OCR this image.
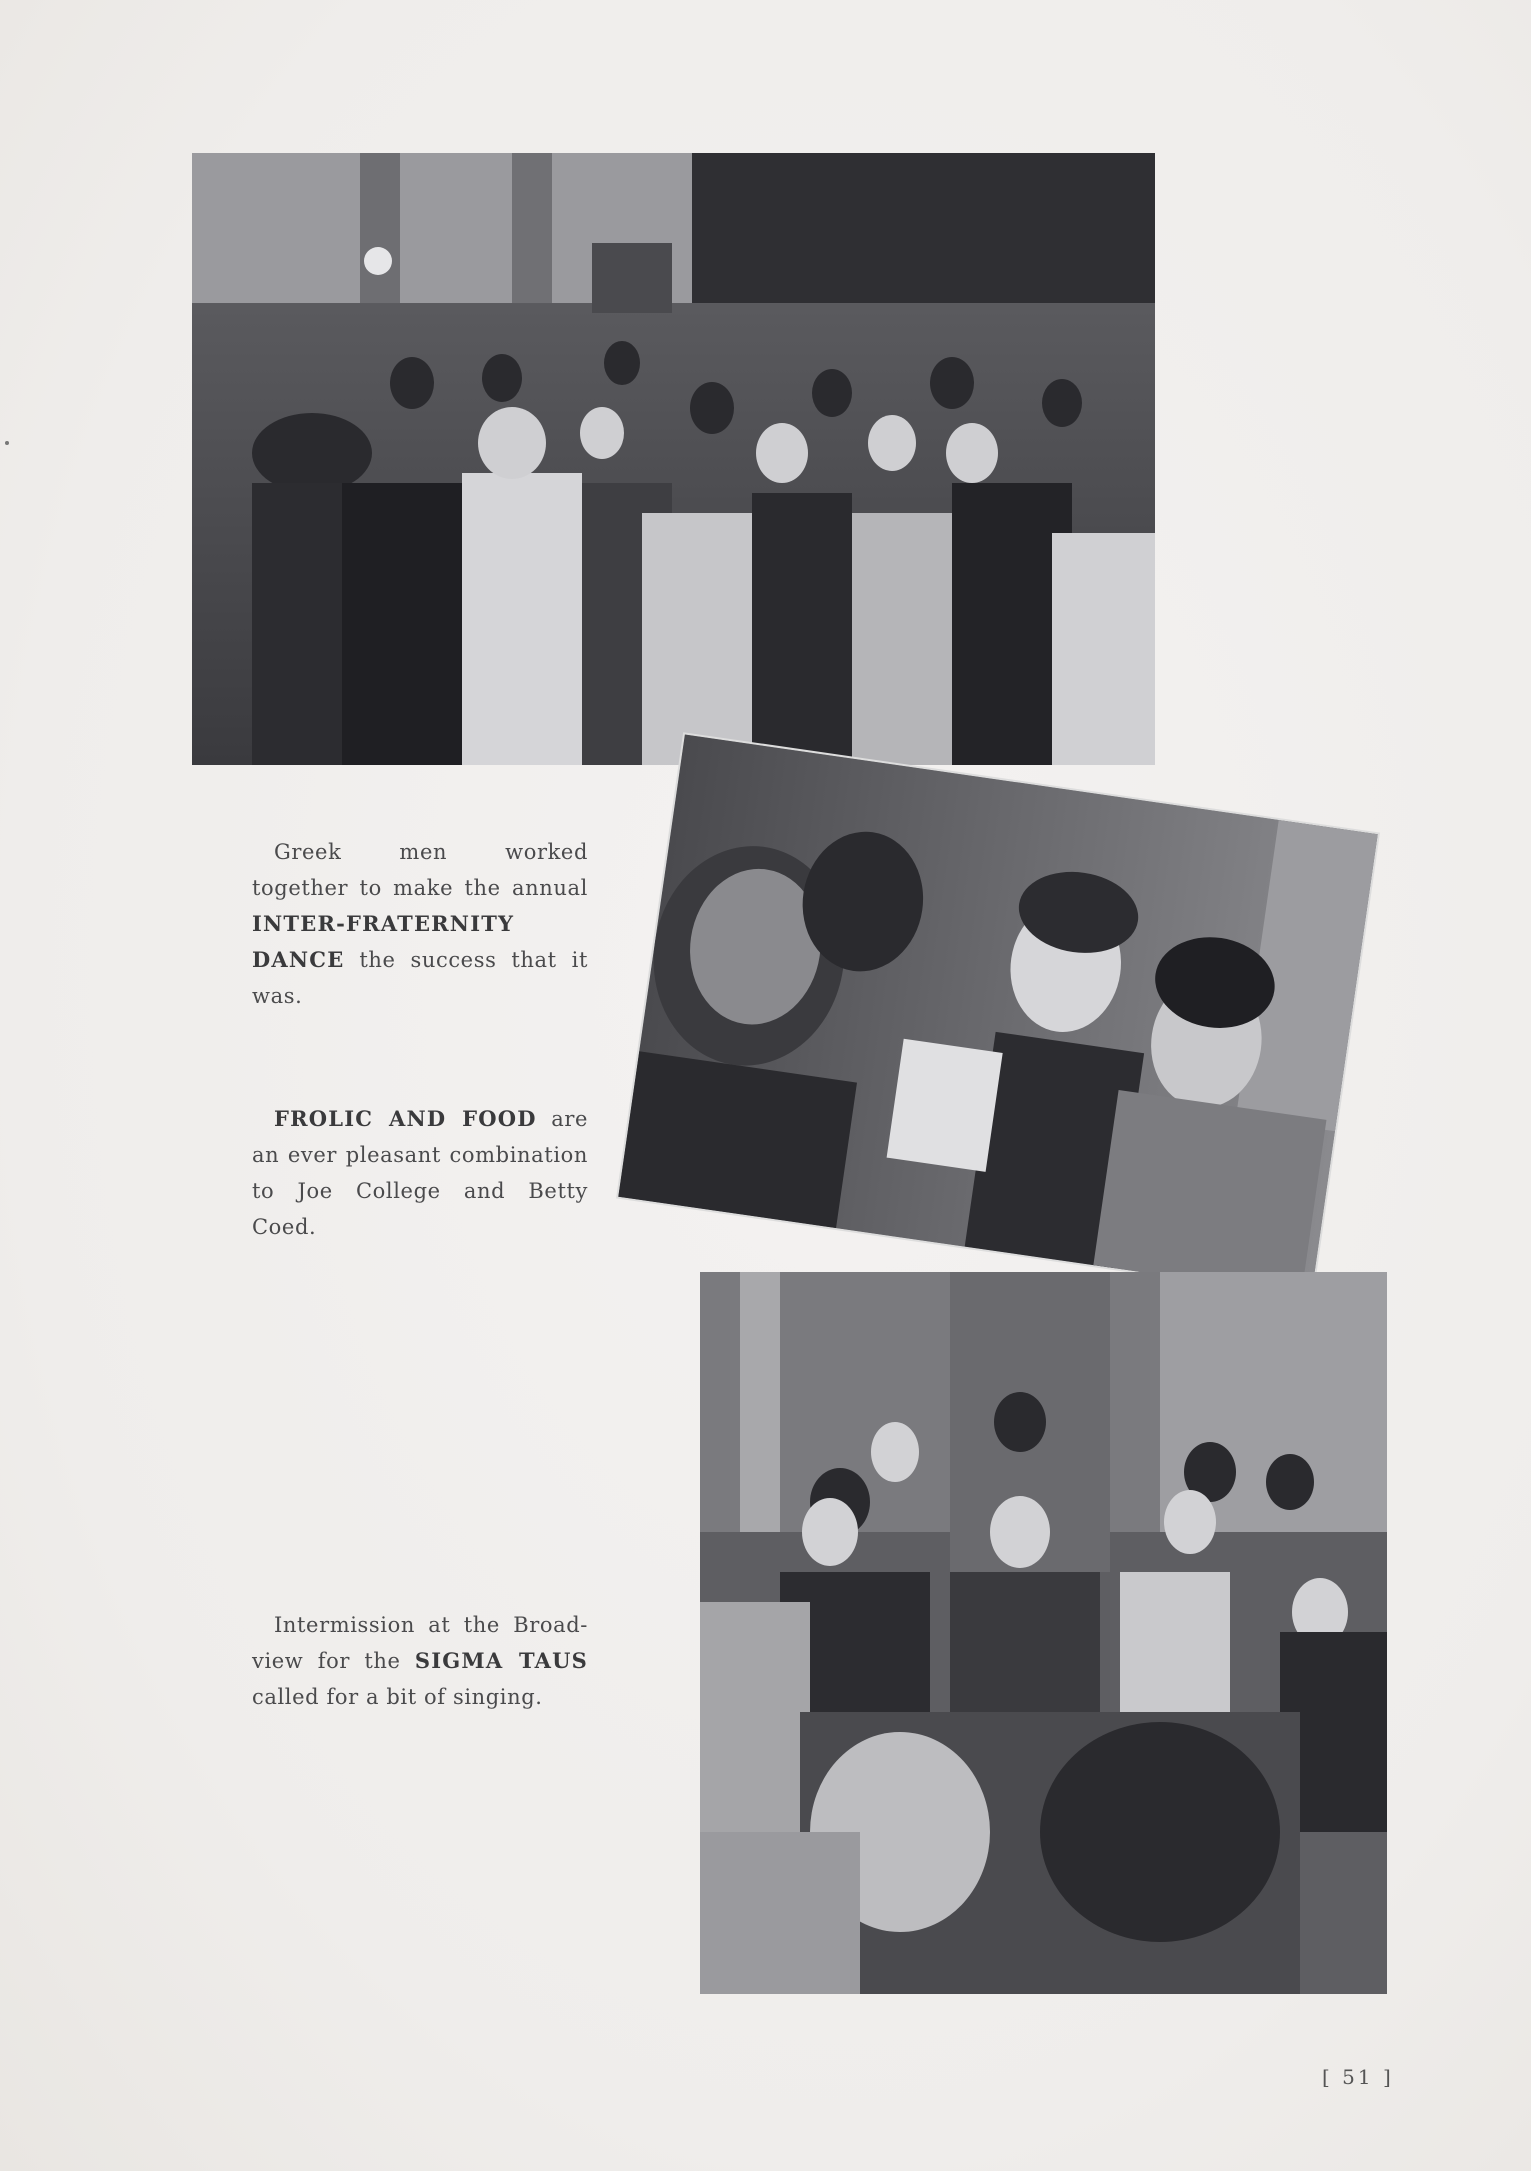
Greek men worked together to make the annual INTER-FRATERNITY DANCE the success that it was.
FROLIC AND FOOD are an ever pleasant combination to Joe College and Betty Coed.
Intermission at the Broad-view for the SIGMA TAUS called for a bit of singing.
[ 51 ]
